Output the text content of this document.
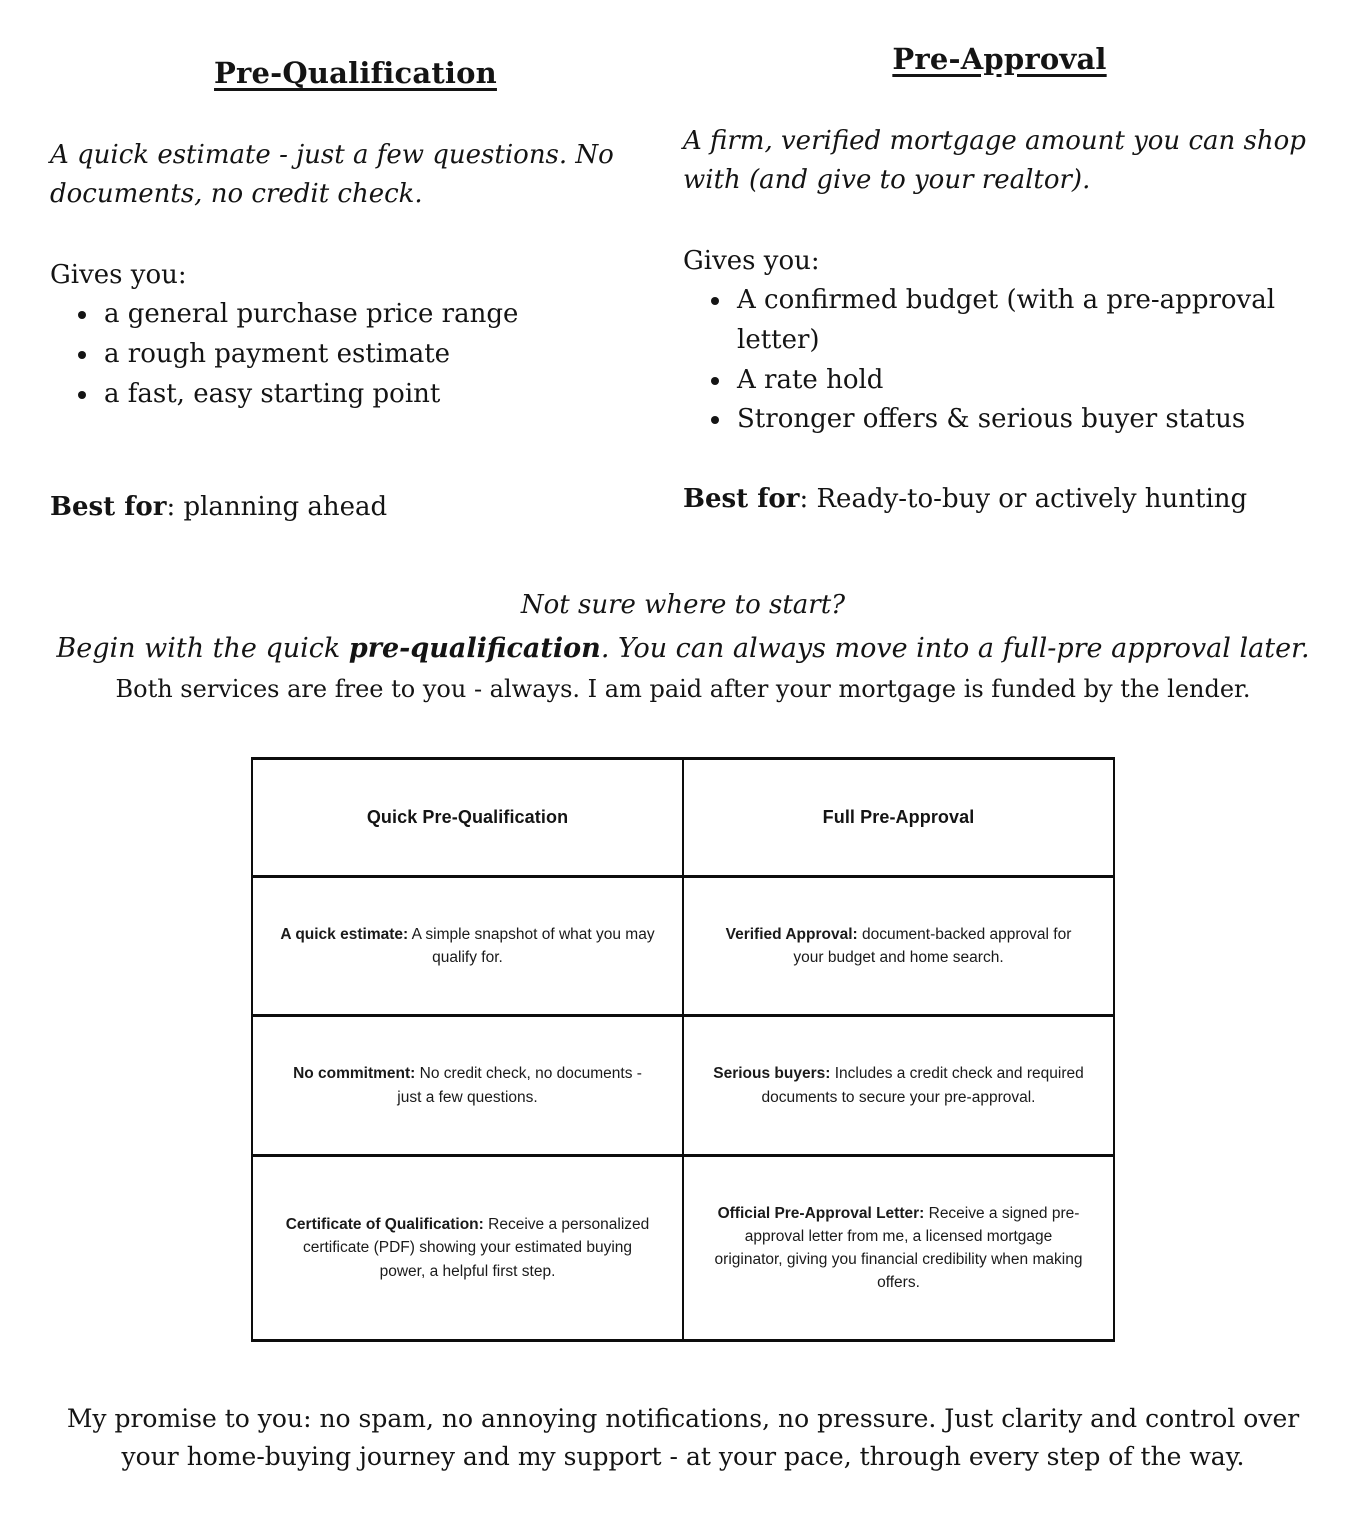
Pre-Qualification

A quick estimate - just a few questions. No documents, no credit check.

Gives you:

• a general purchase price range
• a rough payment estimate
• a fast, easy starting point

Best for: planning ahead

Pre-Approval

A firm, verified mortgage amount you can shop with (and give to your realtor).

Gives you:

• A confirmed budget (with a pre-approval letter)
• A rate hold
• Stronger offers & serious buyer status

Best for: Ready-to-buy or actively hunting

Not sure where to start?

Begin with the quick pre-qualification. You can always move into a full-pre approval later.

Both services are free to you - always. I am paid after your mortgage is funded by the lender.

Quick Pre-Qualification	Full Pre-Approval
A quick estimate: A simple snapshot of what you may qualify for.	Verified Approval: document-backed approval for your budget and home search.
No commitment: No credit check, no documents - just a few questions.	Serious buyers: Includes a credit check and required documents to secure your pre-approval.
Certificate of Qualification: Receive a personalized certificate (PDF) showing your estimated buying power, a helpful first step.	Official Pre-Approval Letter: Receive a signed pre-approval letter from me, a licensed mortgage originator, giving you financial credibility when making offers.

My promise to you: no spam, no annoying notifications, no pressure. Just clarity and control over your home-buying journey and my support - at your pace, through every step of the way.
